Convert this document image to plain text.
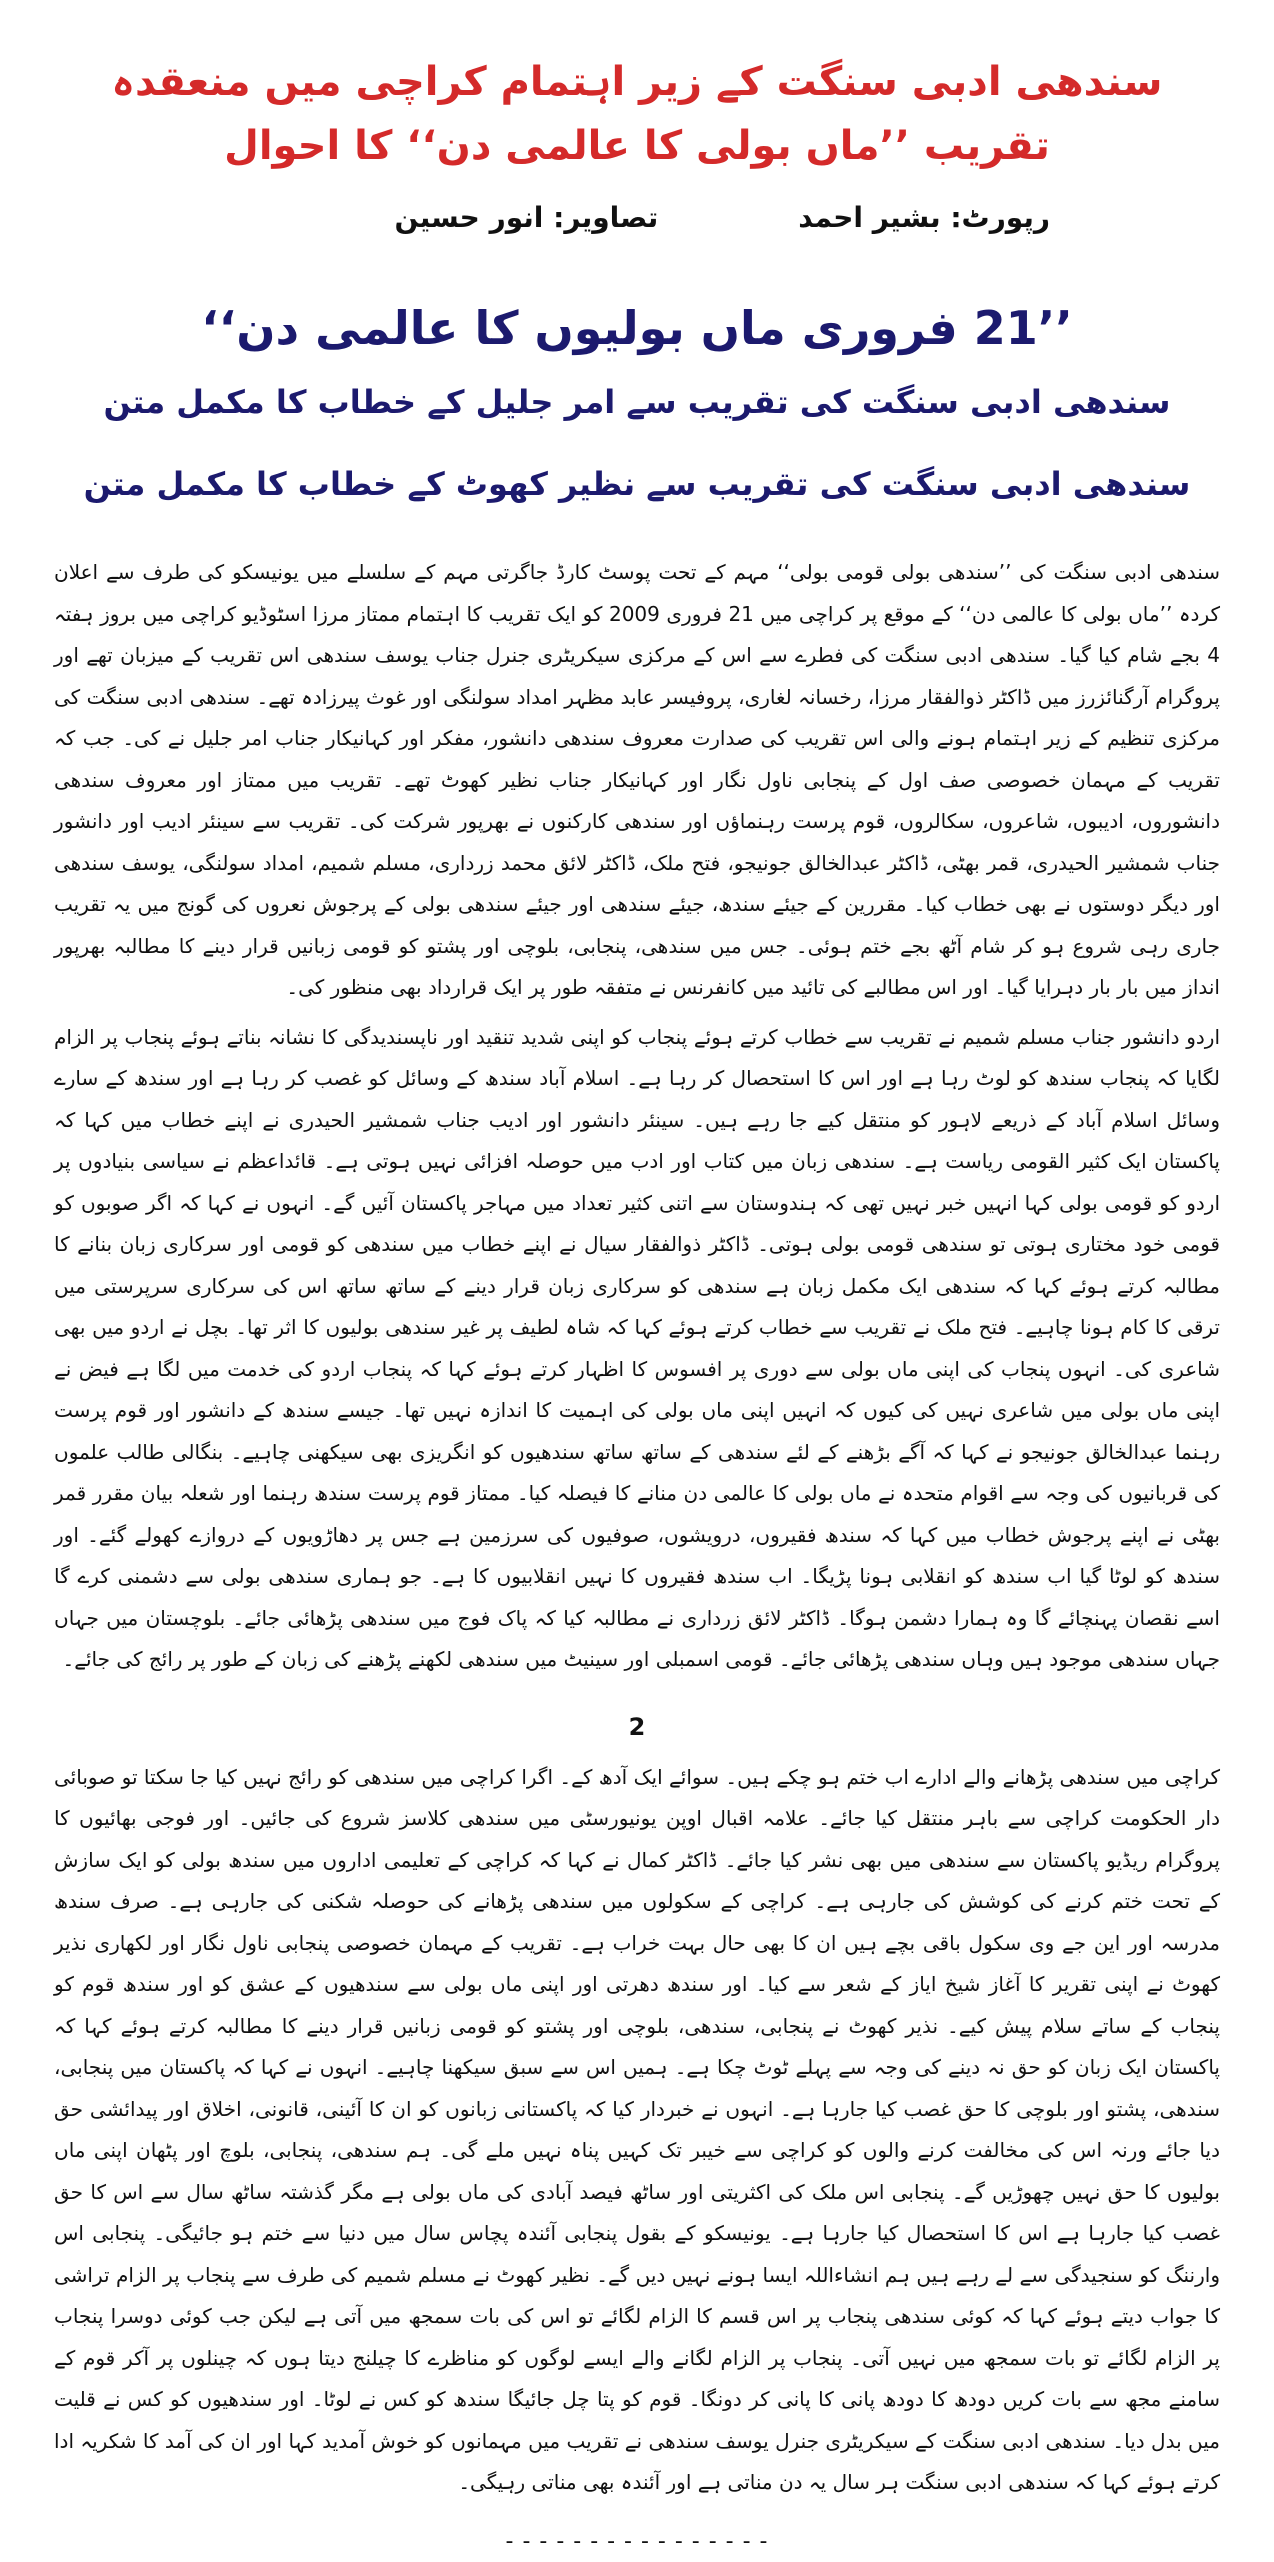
سندھی ادبی سنگت کے زیر اہتمام کراچی میں منعقدہ تقریب ’’ماں بولی کا عالمی دن‘‘ کا احوال
رپورٹ: بشیر احمد
تصاویر: انور حسین
’’21 فروری ماں بولیوں کا عالمی دن‘‘
سندھی ادبی سنگت کی تقریب سے امر جلیل کے خطاب کا مکمل متن
سندھی ادبی سنگت کی تقریب سے نظیر کھوٹ کے خطاب کا مکمل متن

سندھی ادبی سنگت کی ’’سندھی بولی قومی بولی‘‘ مہم کے تحت پوسٹ کارڈ جاگرتی مہم کے سلسلے میں یونیسکو کی طرف سے اعلان کردہ ’’ماں بولی کا عالمی دن‘‘ کے موقع پر کراچی میں 21 فروری 2009 کو ایک تقریب کا اہتمام ممتاز مرزا اسٹوڈیو کراچی میں بروز ہفتہ 4 بجے شام کیا گیا۔ سندھی ادبی سنگت کی فطرے سے اس کے مرکزی سیکریٹری جنرل جناب یوسف سندھی اس تقریب کے میزبان تھے اور پروگرام آرگنائزرز میں ڈاکٹر ذوالفقار مرزا، رخسانہ لغاری، پروفیسر عابد مظہر امداد سولنگی اور غوث پیرزادہ تھے۔ سندھی ادبی سنگت کی مرکزی تنظیم کے زیر اہتمام ہونے والی اس تقریب کی صدارت معروف سندھی دانشور، مفکر اور کہانیکار جناب امر جلیل نے کی۔ جب کہ تقریب کے مہمان خصوصی صف اول کے پنجابی ناول نگار اور کہانیکار جناب نظیر کھوٹ تھے۔ تقریب میں ممتاز اور معروف سندھی دانشوروں، ادیبوں، شاعروں، سکالروں، قوم پرست رہنماؤں اور سندھی کارکنوں نے بھرپور شرکت کی۔ تقریب سے سینئر ادیب اور دانشور جناب شمشیر الحیدری، قمر بھٹی، ڈاکٹر عبدالخالق جونیجو، فتح ملک، ڈاکٹر لائق محمد زرداری، مسلم شمیم، امداد سولنگی، یوسف سندھی اور دیگر دوستوں نے بھی خطاب کیا۔ مقررین کے جیئے سندھ، جیئے سندھی اور جیئے سندھی بولی کے پرجوش نعروں کی گونج میں یہ تقریب جاری رہی شروع ہو کر شام آٹھ بجے ختم ہوئی۔ جس میں سندھی، پنجابی، بلوچی اور پشتو کو قومی زبانیں قرار دینے کا مطالبہ بھرپور انداز میں بار بار دہرایا گیا۔ اور اس مطالبے کی تائید میں کانفرنس نے متفقہ طور پر ایک قرارداد بھی منظور کی۔

اردو دانشور جناب مسلم شمیم نے تقریب سے خطاب کرتے ہوئے پنجاب کو اپنی شدید تنقید اور ناپسندیدگی کا نشانہ بناتے ہوئے پنجاب پر الزام لگایا کہ پنجاب سندھ کو لوٹ رہا ہے اور اس کا استحصال کر رہا ہے۔ اسلام آباد سندھ کے وسائل کو غصب کر رہا ہے اور سندھ کے سارے وسائل اسلام آباد کے ذریعے لاہور کو منتقل کیے جا رہے ہیں۔ سینئر دانشور اور ادیب جناب شمشیر الحیدری نے اپنے خطاب میں کہا کہ پاکستان ایک کثیر القومی ریاست ہے۔ سندھی زبان میں کتاب اور ادب میں حوصلہ افزائی نہیں ہوتی ہے۔ قائداعظم نے سیاسی بنیادوں پر اردو کو قومی بولی کہا انہیں خبر نہیں تھی کہ ہندوستان سے اتنی کثیر تعداد میں مہاجر پاکستان آئیں گے۔ انہوں نے کہا کہ اگر صوبوں کو قومی خود مختاری ہوتی تو سندھی قومی بولی ہوتی۔ ڈاکٹر ذوالفقار سیال نے اپنے خطاب میں سندھی کو قومی اور سرکاری زبان بنانے کا مطالبہ کرتے ہوئے کہا کہ سندھی ایک مکمل زبان ہے سندھی کو سرکاری زبان قرار دینے کے ساتھ ساتھ اس کی سرکاری سرپرستی میں ترقی کا کام ہونا چاہیے۔ فتح ملک نے تقریب سے خطاب کرتے ہوئے کہا کہ شاہ لطیف پر غیر سندھی بولیوں کا اثر تھا۔ بچل نے اردو میں بھی شاعری کی۔ انہوں پنجاب کی اپنی ماں بولی سے دوری پر افسوس کا اظہار کرتے ہوئے کہا کہ پنجاب اردو کی خدمت میں لگا ہے فیض نے اپنی ماں بولی میں شاعری نہیں کی کیوں کہ انہیں اپنی ماں بولی کی اہمیت کا اندازہ نہیں تھا۔ جیسے سندھ کے دانشور اور قوم پرست رہنما عبدالخالق جونیجو نے کہا کہ آگے بڑھنے کے لئے سندھی کے ساتھ ساتھ سندھیوں کو انگریزی بھی سیکھنی چاہیے۔ بنگالی طالب علموں کی قربانیوں کی وجہ سے اقوام متحدہ نے ماں بولی کا عالمی دن منانے کا فیصلہ کیا۔ ممتاز قوم پرست سندھ رہنما اور شعلہ بیان مقرر قمر بھٹی نے اپنے پرجوش خطاب میں کہا کہ سندھ فقیروں، درویشوں، صوفیوں کی سرزمین ہے جس پر دھاڑویوں کے دروازے کھولے گئے۔ اور سندھ کو لوٹا گیا اب سندھ کو انقلابی ہونا پڑیگا۔ اب سندھ فقیروں کا نہیں انقلابیوں کا ہے۔ جو ہماری سندھی بولی سے دشمنی کرے گا اسے نقصان پہنچائے گا وہ ہمارا دشمن ہوگا۔ ڈاکٹر لائق زرداری نے مطالبہ کیا کہ پاک فوج میں سندھی پڑھائی جائے۔ بلوچستان میں جہاں جہاں سندھی موجود ہیں وہاں سندھی پڑھائی جائے۔ قومی اسمبلی اور سینیٹ میں سندھی لکھنے پڑھنے کی زبان کے طور پر رائج کی جائے۔

2

کراچی میں سندھی پڑھانے والے ادارے اب ختم ہو چکے ہیں۔ سوائے ایک آدھ کے۔ اگرا کراچی میں سندھی کو رائج نہیں کیا جا سکتا تو صوبائی دار الحکومت کراچی سے باہر منتقل کیا جائے۔ علامہ اقبال اوپن یونیورسٹی میں سندھی کلاسز شروع کی جائیں۔ اور فوجی بھائیوں کا پروگرام ریڈیو پاکستان سے سندھی میں بھی نشر کیا جائے۔ ڈاکٹر کمال نے کہا کہ کراچی کے تعلیمی اداروں میں سندھ بولی کو ایک سازش کے تحت ختم کرنے کی کوشش کی جارہی ہے۔ کراچی کے سکولوں میں سندھی پڑھانے کی حوصلہ شکنی کی جارہی ہے۔ صرف سندھ مدرسہ اور این جے وی سکول باقی بچے ہیں ان کا بھی حال بہت خراب ہے۔ تقریب کے مہمان خصوصی پنجابی ناول نگار اور لکھاری نذیر کھوٹ نے اپنی تقریر کا آغاز شیخ ایاز کے شعر سے کیا۔ اور سندھ دھرتی اور اپنی ماں بولی سے سندھیوں کے عشق کو اور سندھ قوم کو پنجاب کے ساتے سلام پیش کیے۔ نذیر کھوٹ نے پنجابی، سندھی، بلوچی اور پشتو کو قومی زبانیں قرار دینے کا مطالبہ کرتے ہوئے کہا کہ پاکستان ایک زبان کو حق نہ دینے کی وجہ سے پہلے ٹوٹ چکا ہے۔ ہمیں اس سے سبق سیکھنا چاہیے۔ انہوں نے کہا کہ پاکستان میں پنجابی، سندھی، پشتو اور بلوچی کا حق غصب کیا جارہا ہے۔ انہوں نے خبردار کیا کہ پاکستانی زبانوں کو ان کا آئینی، قانونی، اخلاق اور پیدائشی حق دیا جائے ورنہ اس کی مخالفت کرنے والوں کو کراچی سے خیبر تک کہیں پناہ نہیں ملے گی۔ ہم سندھی، پنجابی، بلوچ اور پٹھان اپنی ماں بولیوں کا حق نہیں چھوڑیں گے۔ پنجابی اس ملک کی اکثریتی اور ساٹھ فیصد آبادی کی ماں بولی ہے مگر گذشتہ ساٹھ سال سے اس کا حق غصب کیا جارہا ہے اس کا استحصال کیا جارہا ہے۔ یونیسکو کے بقول پنجابی آئندہ پچاس سال میں دنیا سے ختم ہو جائیگی۔ پنجابی اس وارننگ کو سنجیدگی سے لے رہے ہیں ہم انشاءاللہ ایسا ہونے نہیں دیں گے۔ نظیر کھوٹ نے مسلم شمیم کی طرف سے پنجاب پر الزام تراشی کا جواب دیتے ہوئے کہا کہ کوئی سندھی پنجاب پر اس قسم کا الزام لگائے تو اس کی بات سمجھ میں آتی ہے لیکن جب کوئی دوسرا پنجاب پر الزام لگائے تو بات سمجھ میں نہیں آتی۔ پنجاب پر الزام لگانے والے ایسے لوگوں کو مناظرے کا چیلنج دیتا ہوں کہ چینلوں پر آکر قوم کے سامنے مجھ سے بات کریں دودھ کا دودھ پانی کا پانی کر دونگا۔ قوم کو پتا چل جائیگا سندھ کو کس نے لوٹا۔ اور سندھیوں کو کس نے قلیت میں بدل دیا۔ سندھی ادبی سنگت کے سیکریٹری جنرل یوسف سندھی نے تقریب میں مہمانوں کو خوش آمدید کہا اور ان کی آمد کا شکریہ ادا کرتے ہوئے کہا کہ سندھی ادبی سنگت ہر سال یہ دن مناتی ہے اور آئندہ بھی مناتی رہیگی۔

- - - - - - - - - - - - - - - -
